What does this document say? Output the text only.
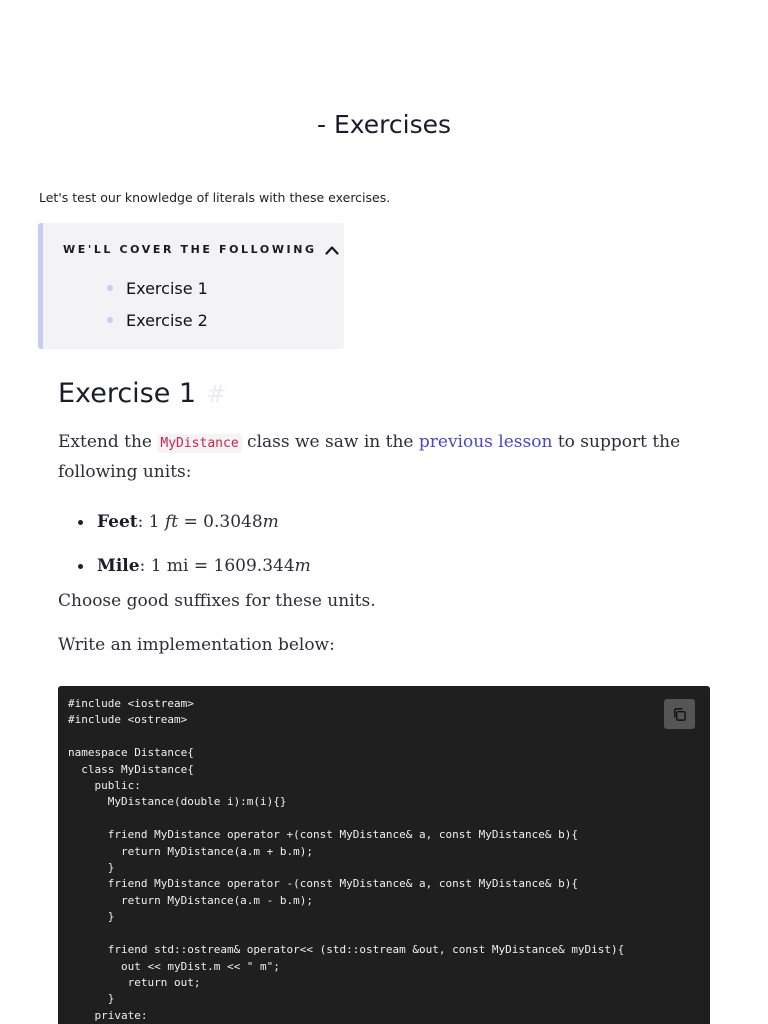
- Exercises

Let's test our knowledge of literals with these exercises.

WE'LL COVER THE FOLLOWING
Exercise 1
Exercise 2
Exercise 1 #

Extend the MyDistance class we saw in the previous lesson to support the following units:

Feet : 1 ft = 0.3048 m
Mile : 1 mi = 1609.344 m

Choose good suffixes for these units.

Write an implementation below:

#include <iostream>
#include <ostream>

namespace Distance{
class MyDistance{
public:
MyDistance(double i):m(i){}

friend MyDistance operator +(const MyDistance& a, const MyDistance& b){
return MyDistance(a.m + b.m);
}
friend MyDistance operator -(const MyDistance& a, const MyDistance& b){
return MyDistance(a.m - b.m);
}

friend std::ostream& operator<< (std::ostream &out, const MyDistance& myDist){
out << myDist.m << " m";
return out;
}
private:
